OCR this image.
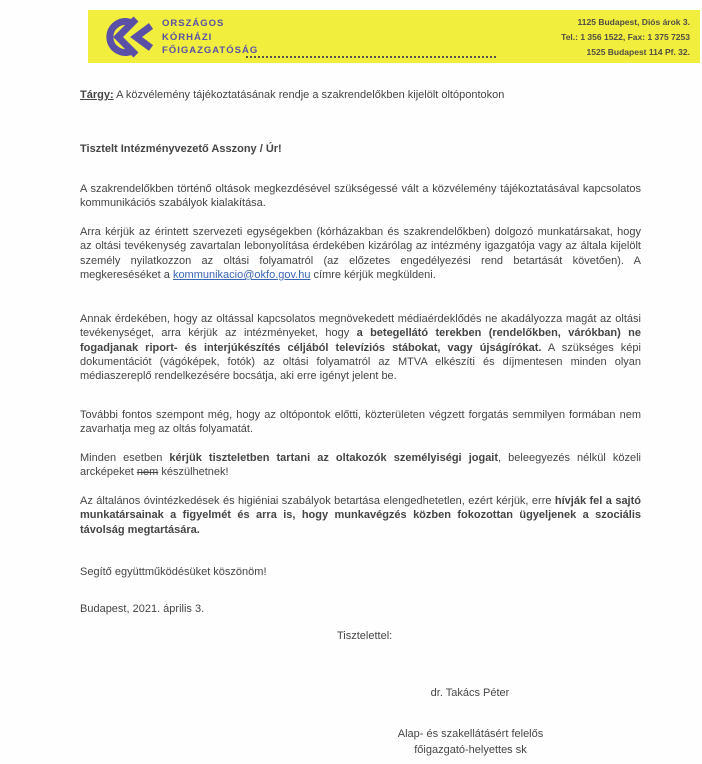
ORSZÁGOS
KÓRHÁZI
FŐIGAZGATÓSÁG
1125 Budapest, Diós árok 3.
Tel.: 1 356 1522, Fax: 1 375 7253
1525 Budapest 114 Pf. 32.
Tárgy: A közvélemény tájékoztatásának rendje a szakrendelőkben kijelölt oltópontokon
Tisztelt Intézményvezető Asszony / Úr!
A szakrendelőkben történő oltások megkezdésével szükségessé vált a közvélemény tájékoztatásával kapcsolatos kommunikációs szabályok kialakítása.
Arra kérjük az érintett szervezeti egységekben (kórházakban és szakrendelőkben) dolgozó munkatársakat, hogy az oltási tevékenység zavartalan lebonyolítása érdekében kizárólag az intézmény igazgatója vagy az általa kijelölt személy nyilatkozzon az oltási folyamatról (az előzetes engedélyezési rend betartását követően). A megkereséséket a kommunikacio@okfo.gov.hu címre kérjük megküldeni.
Annak érdekében, hogy az oltással kapcsolatos megnövekedett médiaérdeklődés ne akadályozza magát az oltási tevékenységet, arra kérjük az intézményeket, hogy a betegellátó terekben (rendelőkben, várókban) ne fogadjanak riport- és interjúkészítés céljából televíziós stábokat, vagy újságírókat. A szükséges képi dokumentációt (vágóképek, fotók) az oltási folyamatról az MTVA elkészíti és díjmentesen minden olyan médiaszereplő rendelkezésére bocsátja, aki erre igényt jelent be.
További fontos szempont még, hogy az oltópontok előtti, közterületen végzett forgatás semmilyen formában nem zavarhatja meg az oltás folyamatát.
Minden esetben kérjük tiszteletben tartani az oltakozók személyiségi jogait, beleegyezés nélkül közeli arcképeket nem készülhetnek!
Az általános óvintézkedések és higiéniai szabályok betartása elengedhetetlen, ezért kérjük, erre hívják fel a sajtó munkatársainak a figyelmét és arra is, hogy munkavégzés közben fokozottan ügyeljenek a szociális távolság megtartására.
Segítő együttműködésüket köszönöm!
Budapest, 2021. április 3.
Tisztelettel:
dr. Takács Péter
Alap- és szakellátásért felelős
főigazgató-helyettes sk
